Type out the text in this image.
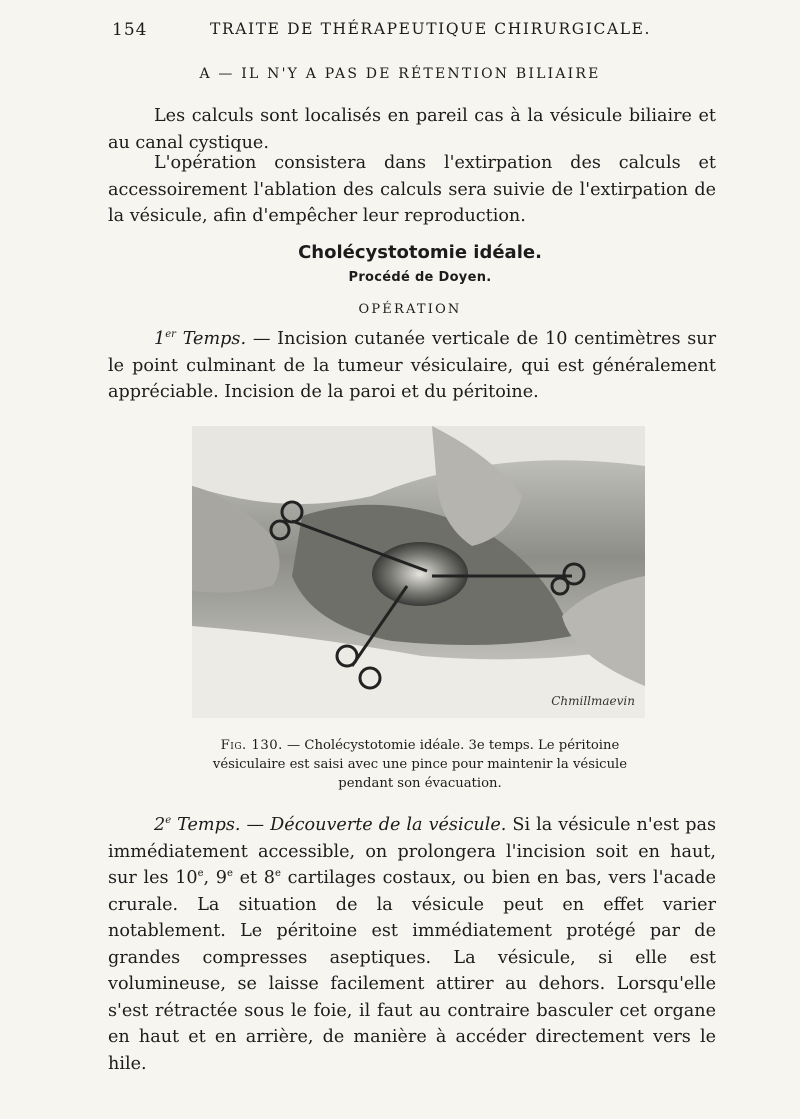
154	TRAITE DE THÉRAPEUTIQUE CHIRURGICALE.
A — IL N'Y A PAS DE RÉTENTION BILIAIRE

Les calculs sont localisés en pareil cas à la vésicule biliaire et au canal cystique.

L'opération consistera dans l'extirpation des calculs et accessoirement l'ablation des calculs sera suivie de l'extirpation de la vésicule, afin d'empêcher leur reproduction.

Cholécystotomie idéale.
Procédé de Doyen.
OPÉRATION

1er Temps. — Incision cutanée verticale de 10 centimètres sur le point culminant de la tumeur vésiculaire, qui est généralement appréciable. Incision de la paroi et du péritoine.

Chmillmaevin
Fig. 130. — Cholécystotomie idéale. 3e temps. Le péritoine vésiculaire est saisi avec une pince pour maintenir la vésicule pendant son évacuation.

2e Temps. — Découverte de la vésicule. Si la vésicule n'est pas immédiatement accessible, on prolongera l'incision soit en haut, sur les 10e, 9e et 8e cartilages costaux, ou bien en bas, vers l'acade crurale. La situation de la vésicule peut en effet varier notablement. Le péritoine est immédiatement protégé par de grandes compresses aseptiques. La vésicule, si elle est volumineuse, se laisse facilement attirer au dehors. Lorsqu'elle s'est rétractée sous le foie, il faut au contraire basculer cet organe en haut et en arrière, de manière à accéder directement vers le hile.
